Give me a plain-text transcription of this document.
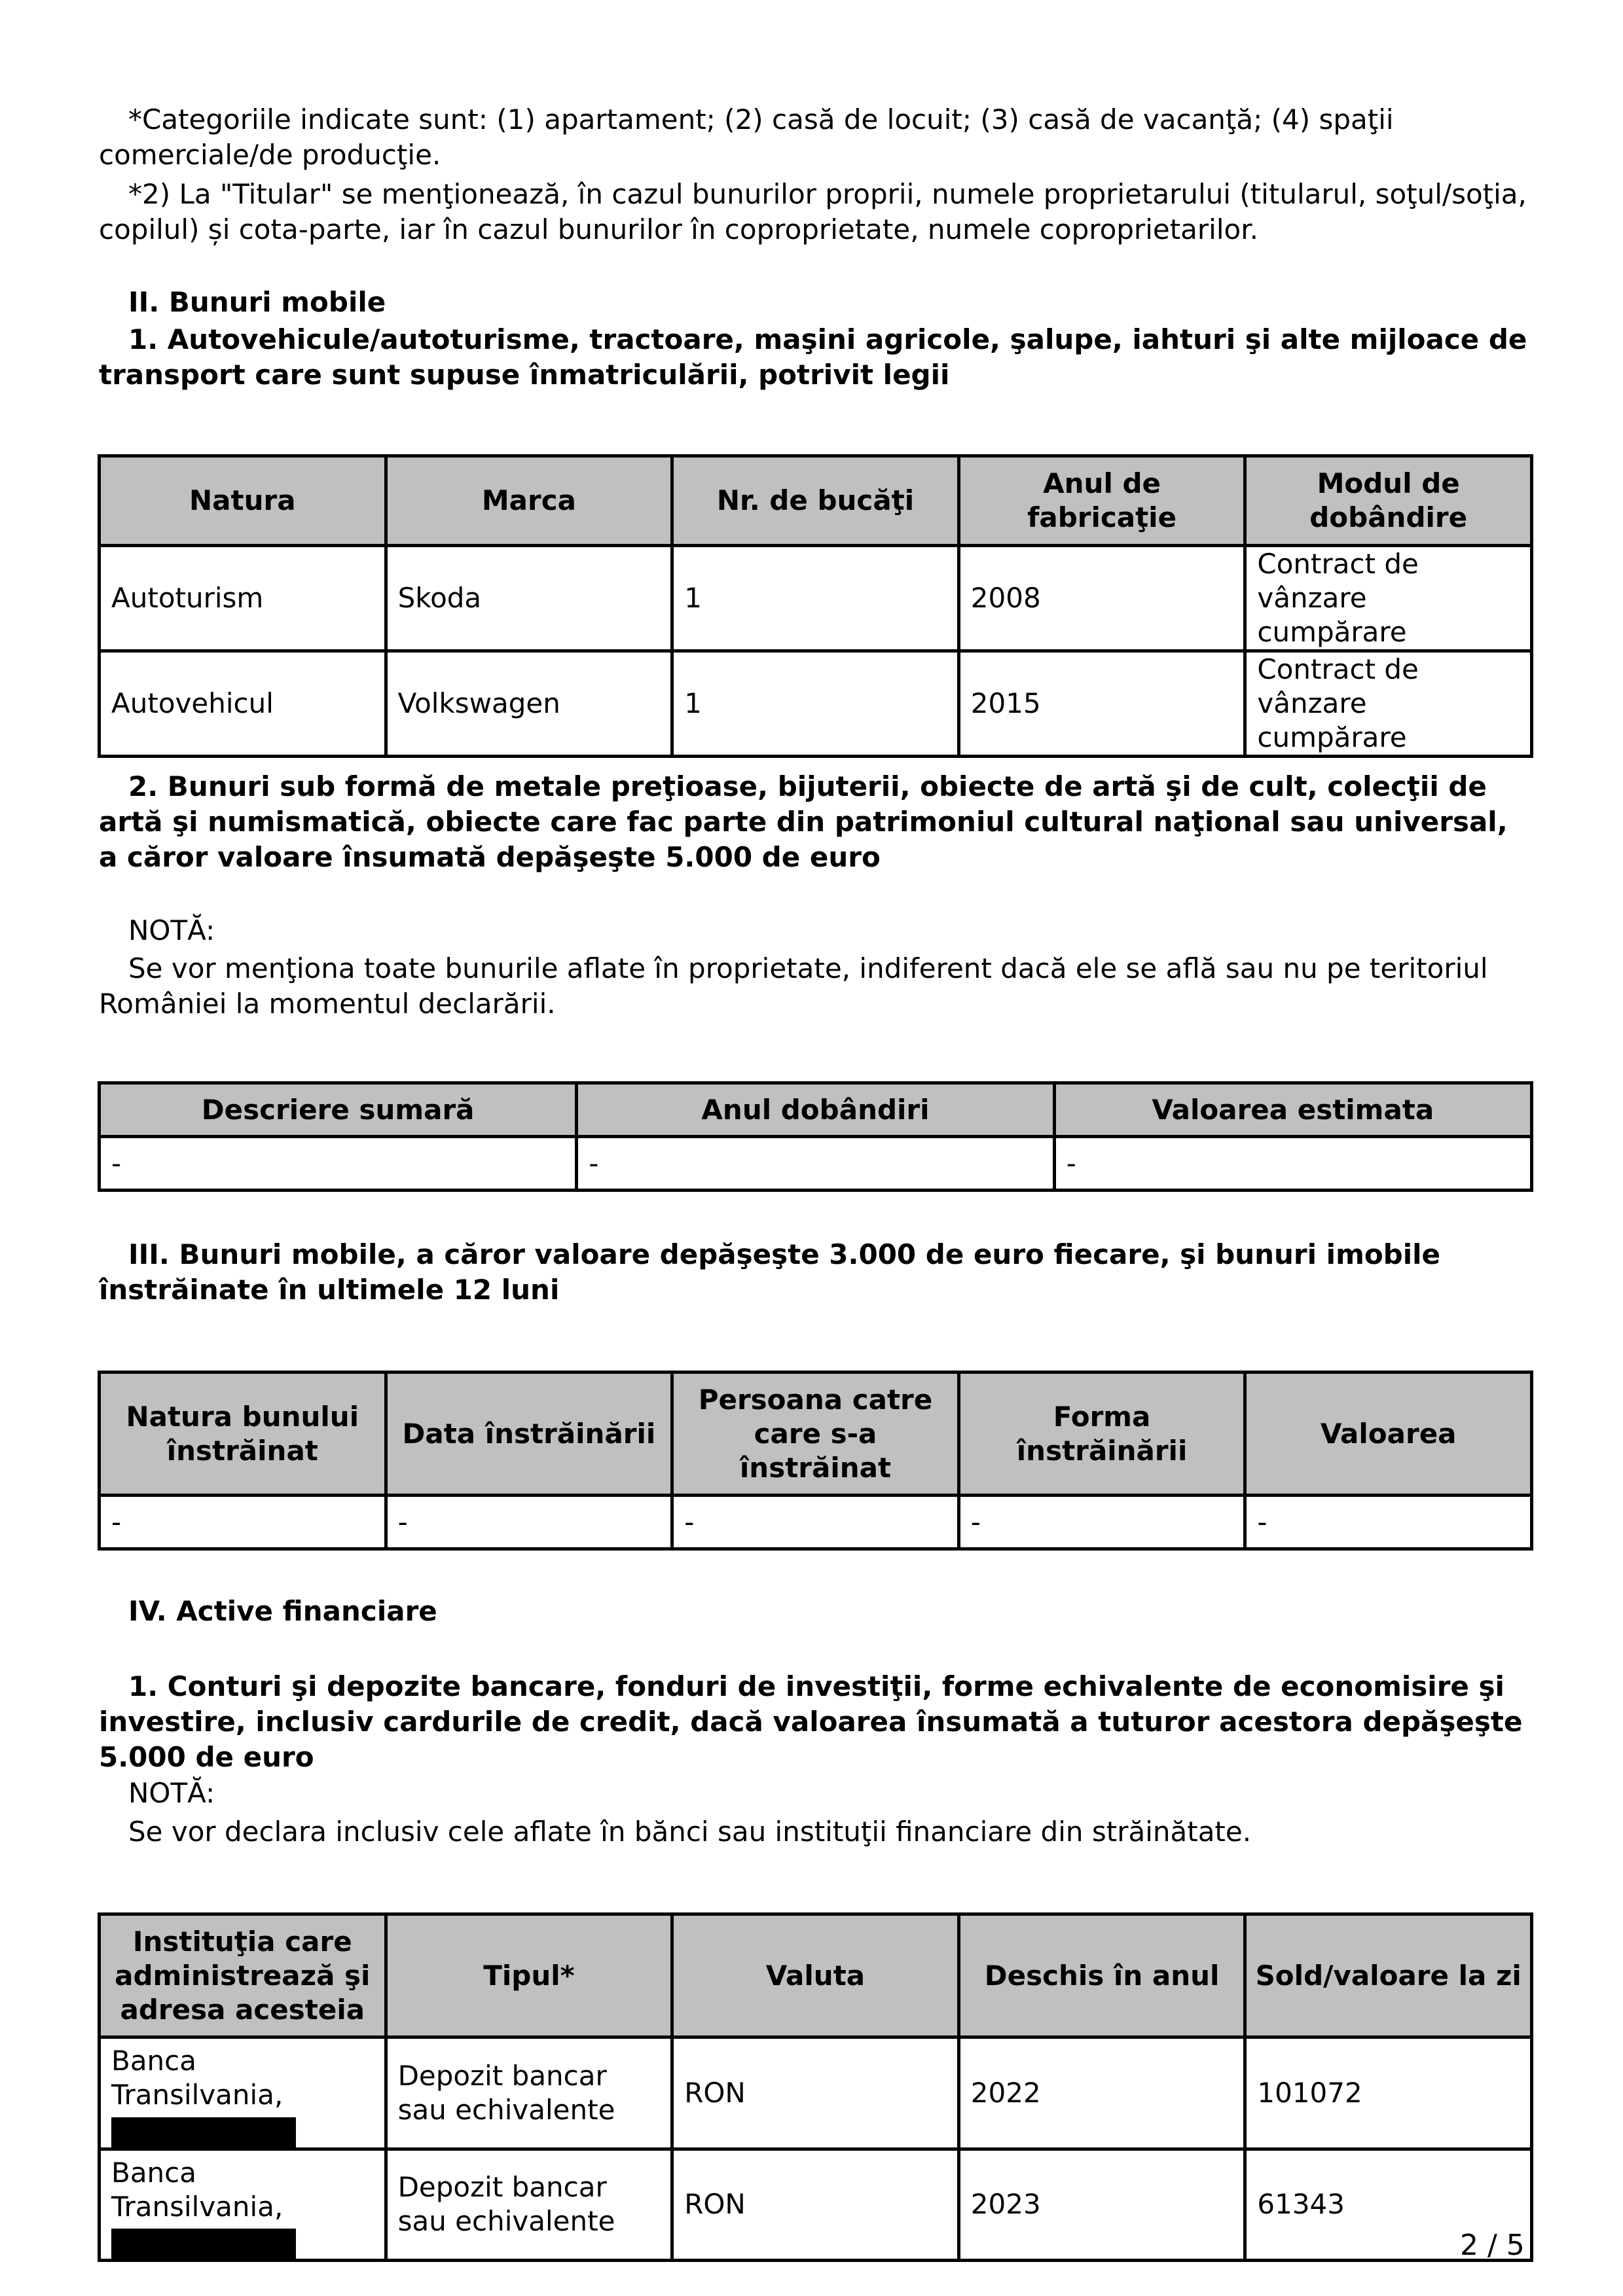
*Categoriile indicate sunt: (1) apartament; (2) casă de locuit; (3) casă de vacanţă; (4) spaţii comerciale/de producţie.

*2) La "Titular" se menţionează, în cazul bunurilor proprii, numele proprietarului (titularul, soţul/soţia, copilul) și cota-parte, iar în cazul bunurilor în coproprietate, numele coproprietarilor.

II. Bunuri mobile

1. Autovehicule/autoturisme, tractoare, maşini agricole, şalupe, iahturi şi alte mijloace de transport care sunt supuse înmatriculării, potrivit legii

Natura	Marca	Nr. de bucăţi	Anul de fabricaţie	Modul de dobândire
Autoturism	Skoda	1	2008	Contract de vânzare cumpărare
Autovehicul	Volkswagen	1	2015	Contract de vânzare cumpărare

2. Bunuri sub formă de metale preţioase, bijuterii, obiecte de artă şi de cult, colecţii de artă şi numismatică, obiecte care fac parte din patrimoniul cultural naţional sau universal, a căror valoare însumată depăşeşte 5.000 de euro

NOTĂ:

Se vor menţiona toate bunurile aflate în proprietate, indiferent dacă ele se află sau nu pe teritoriul României la momentul declarării.

Descriere sumară	Anul dobândiri	Valoarea estimata
-	-	-

III. Bunuri mobile, a căror valoare depăşeşte 3.000 de euro fiecare, şi bunuri imobile înstrăinate în ultimele 12 luni

Natura bunului înstrăinat	Data înstrăinării	Persoana catre care s-a înstrăinat	Forma înstrăinării	Valoarea
-	-	-	-	-

IV. Active financiare

1. Conturi şi depozite bancare, fonduri de investiţii, forme echivalente de economisire şi investire, inclusiv cardurile de credit, dacă valoarea însumată a tuturor acestora depăşeşte 5.000 de euro

NOTĂ:

Se vor declara inclusiv cele aflate în bănci sau instituţii financiare din străinătate.

Instituţia care administrează şi adresa acesteia	Tipul*	Valuta	Deschis în anul	Sold/valoare la zi
Banca Transilvania,	Depozit bancar sau echivalente	RON	2022	101072
Banca Transilvania,	Depozit bancar sau echivalente	RON	2023	61343
2 / 5
